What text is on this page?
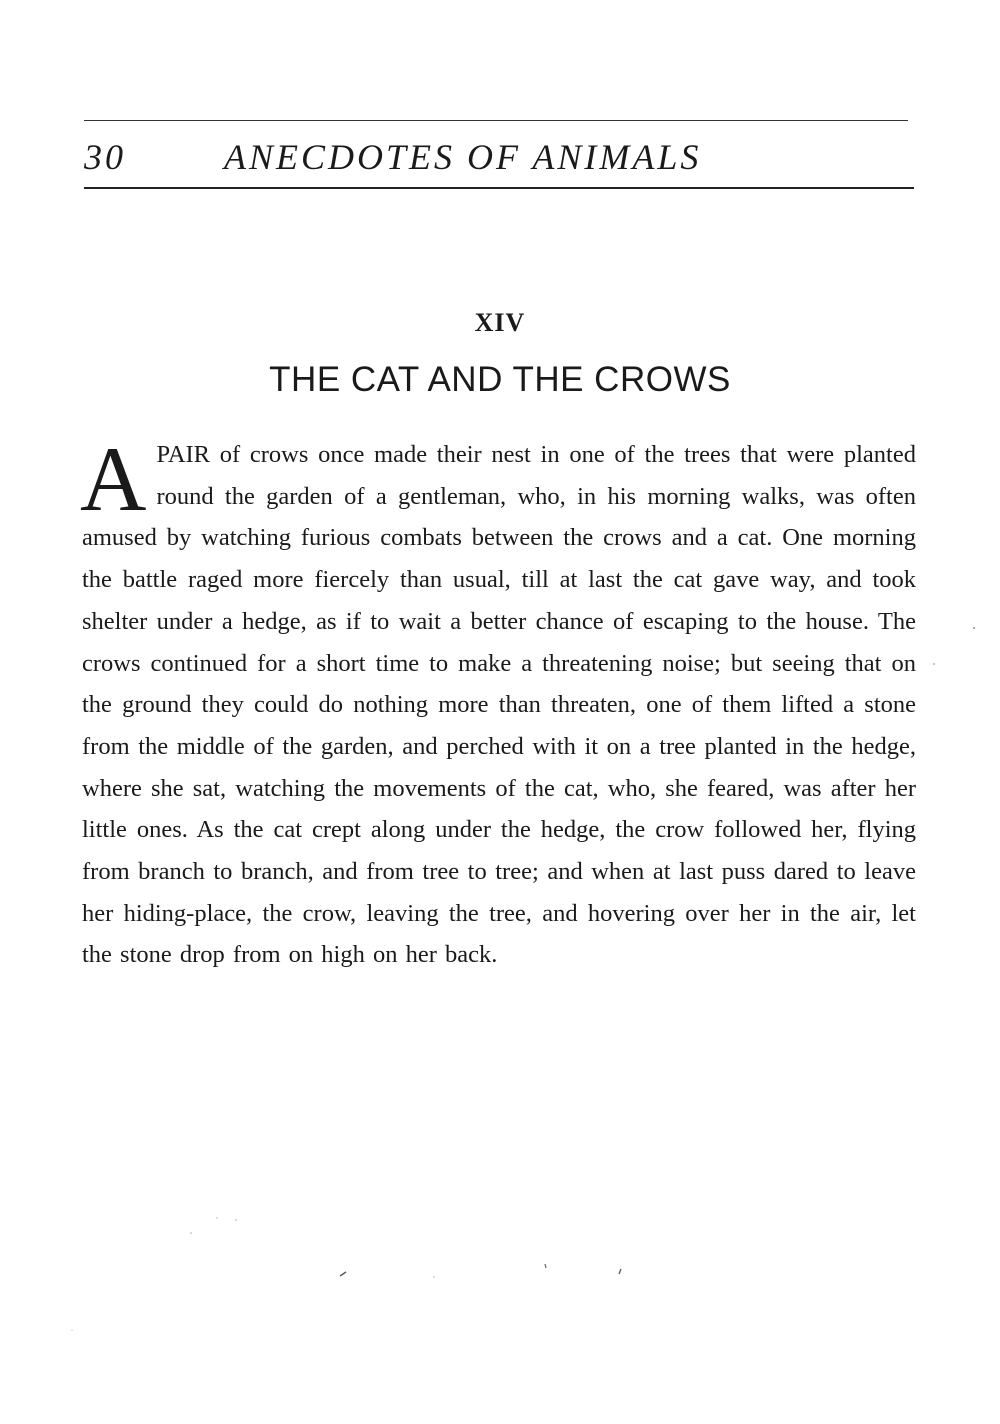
30	ANECDOTES OF ANIMALS
XIV
THE CAT AND THE CROWS
APAIR of crows once made their nest in one of the trees that were planted round the garden of a gentleman, who, in his morning walks, was often amused by watching furious combats between the crows and a cat. One morning the battle raged more fiercely than usual, till at last the cat gave way, and took shelter under a hedge, as if to wait a better chance of escaping to the house. The crows continued for a short time to make a threatening noise; but seeing that on the ground they could do nothing more than threaten, one of them lifted a stone from the middle of the garden, and perched with it on a tree planted in the hedge, where she sat, watching the movements of the cat, who, she feared, was after her little ones. As the cat crept along under the hedge, the crow followed her, flying from branch to branch, and from tree to tree; and when at last puss dared to leave her hiding-place, the crow, leaving the tree, and hovering over her in the air, let the stone drop from on high on her back.
